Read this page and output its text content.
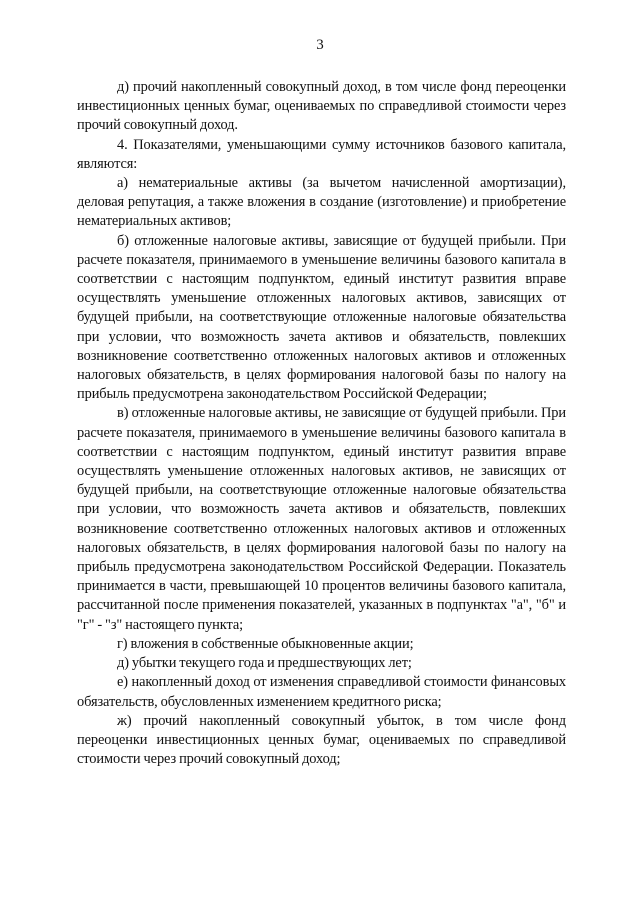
3

д) прочий накопленный совокупный доход, в том числе фонд переоценки инвестиционных ценных бумаг, оцениваемых по справедливой стоимости через прочий совокупный доход.

4. Показателями, уменьшающими сумму источников базового капитала, являются:

а) нематериальные активы (за вычетом начисленной амортизации), деловая репутация, а также вложения в создание (изготовление) и приобретение нематериальных активов;

б) отложенные налоговые активы, зависящие от будущей прибыли. При расчете показателя, принимаемого в уменьшение величины базового капитала в соответствии с настоящим подпунктом, единый институт развития вправе осуществлять уменьшение отложенных налоговых активов, зависящих от будущей прибыли, на соответствующие отложенные налоговые обязательства при условии, что возможность зачета активов и обязательств, повлекших возникновение соответственно отложенных налоговых активов и отложенных налоговых обязательств, в целях формирования налоговой базы по налогу на прибыль предусмотрена законодательством Российской Федерации;

в) отложенные налоговые активы, не зависящие от будущей прибыли. При расчете показателя, принимаемого в уменьшение величины базового капитала в соответствии с настоящим подпунктом, единый институт развития вправе осуществлять уменьшение отложенных налоговых активов, не зависящих от будущей прибыли, на соответствующие отложенные налоговые обязательства при условии, что возможность зачета активов и обязательств, повлекших возникновение соответственно отложенных налоговых активов и отложенных налоговых обязательств, в целях формирования налоговой базы по налогу на прибыль предусмотрена законодательством Российской Федерации. Показатель принимается в части, превышающей 10 процентов величины базового капитала, рассчитанной после применения показателей, указанных в подпунктах "а", "б" и "г" - "з" настоящего пункта;

г) вложения в собственные обыкновенные акции;

д) убытки текущего года и предшествующих лет;

е) накопленный доход от изменения справедливой стоимости финансовых обязательств, обусловленных изменением кредитного риска;

ж) прочий накопленный совокупный убыток, в том числе фонд переоценки инвестиционных ценных бумаг, оцениваемых по справедливой стоимости через прочий совокупный доход;
